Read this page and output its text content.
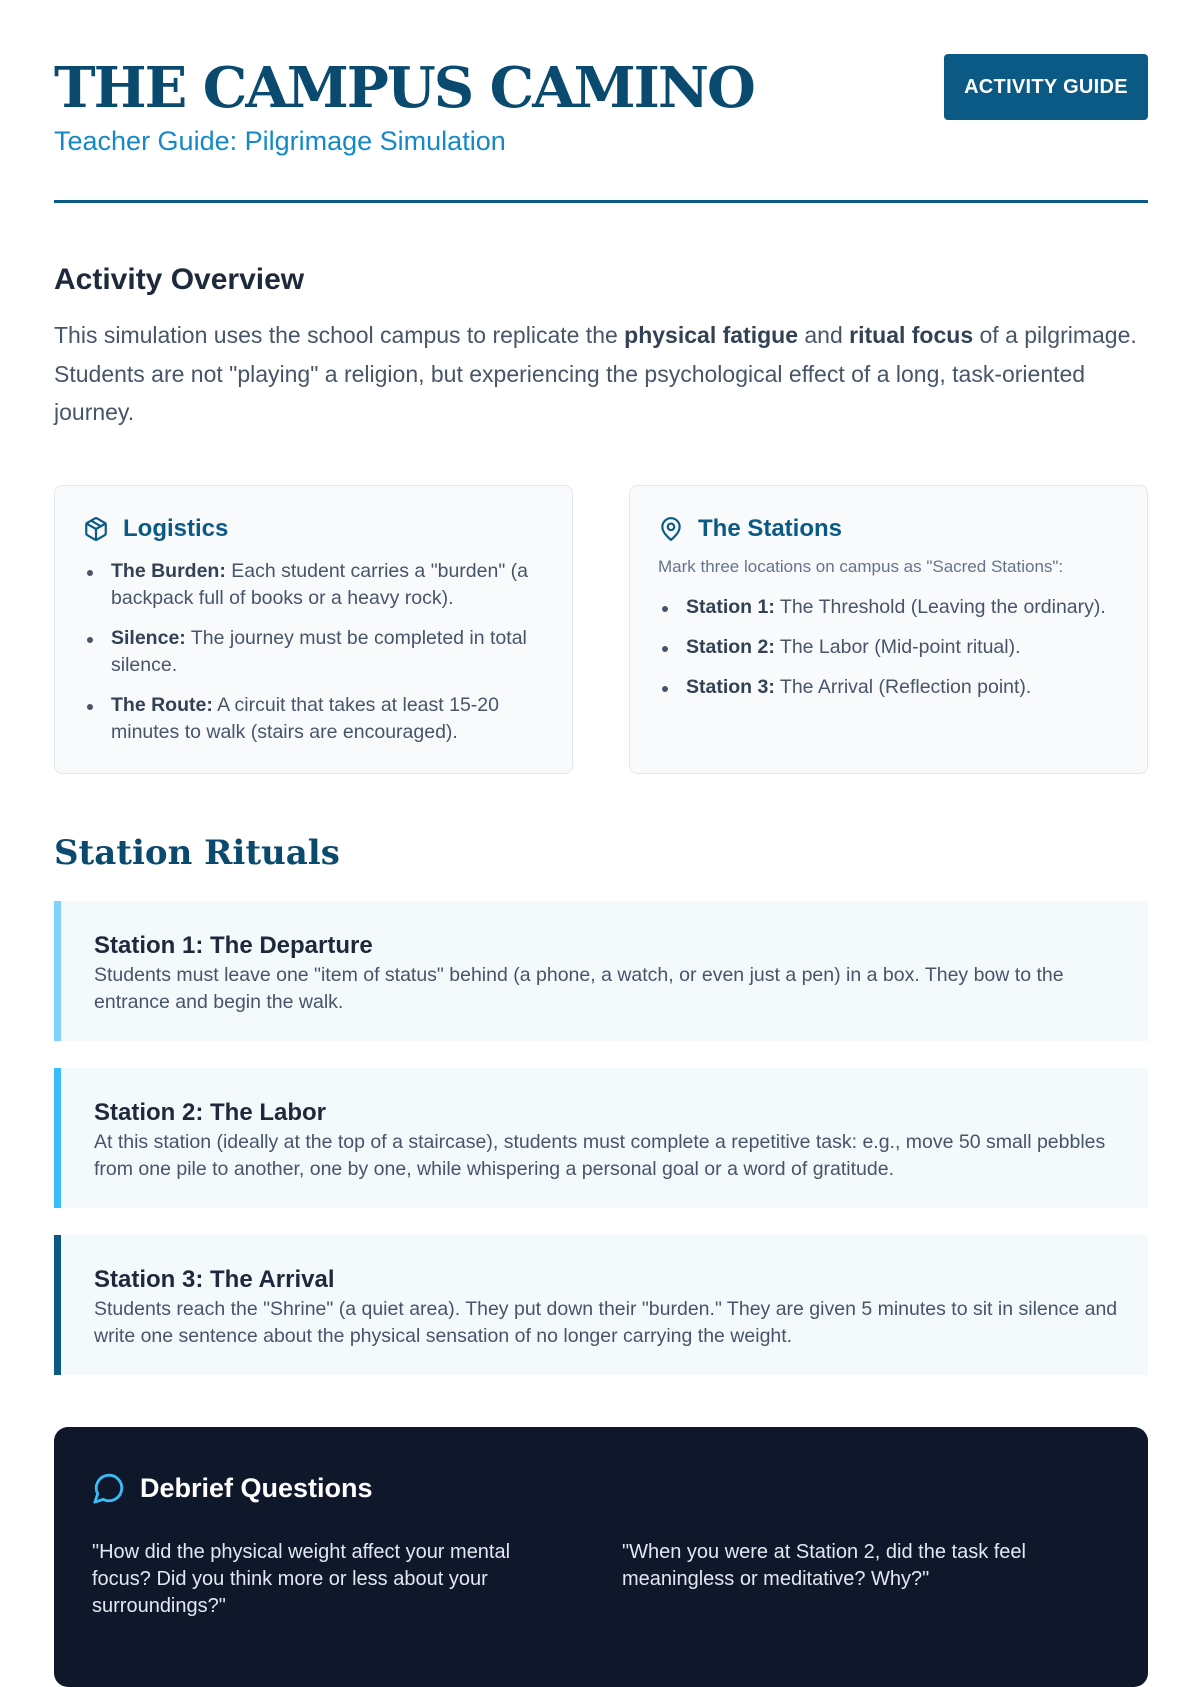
THE CAMPUS CAMINO
Teacher Guide: Pilgrimage Simulation
ACTIVITY GUIDE
Activity Overview

This simulation uses the school campus to replicate the physical fatigue and ritual focus of a pilgrimage. Students are not "playing" a religion, but experiencing the psychological effect of a long, task-oriented journey.

Logistics
The Burden: Each student carries a "burden" (a backpack full of books or a heavy rock).
Silence: The journey must be completed in total silence.
The Route: A circuit that takes at least 15-20 minutes to walk (stairs are encouraged).
The Stations
Mark three locations on campus as "Sacred Stations":
Station 1: The Threshold (Leaving the ordinary).
Station 2: The Labor (Mid-point ritual).
Station 3: The Arrival (Reflection point).
Station Rituals
Station 1: The Departure
Students must leave one "item of status" behind (a phone, a watch, or even just a pen) in a box. They bow to the entrance and begin the walk.
Station 2: The Labor
At this station (ideally at the top of a staircase), students must complete a repetitive task: e.g., move 50 small pebbles from one pile to another, one by one, while whispering a personal goal or a word of gratitude.
Station 3: The Arrival
Students reach the "Shrine" (a quiet area). They put down their "burden." They are given 5 minutes to sit in silence and write one sentence about the physical sensation of no longer carrying the weight.
Debrief Questions
"How did the physical weight affect your mental focus? Did you think more or less about your surroundings?"
"When you were at Station 2, did the task feel meaningless or meditative? Why?"
